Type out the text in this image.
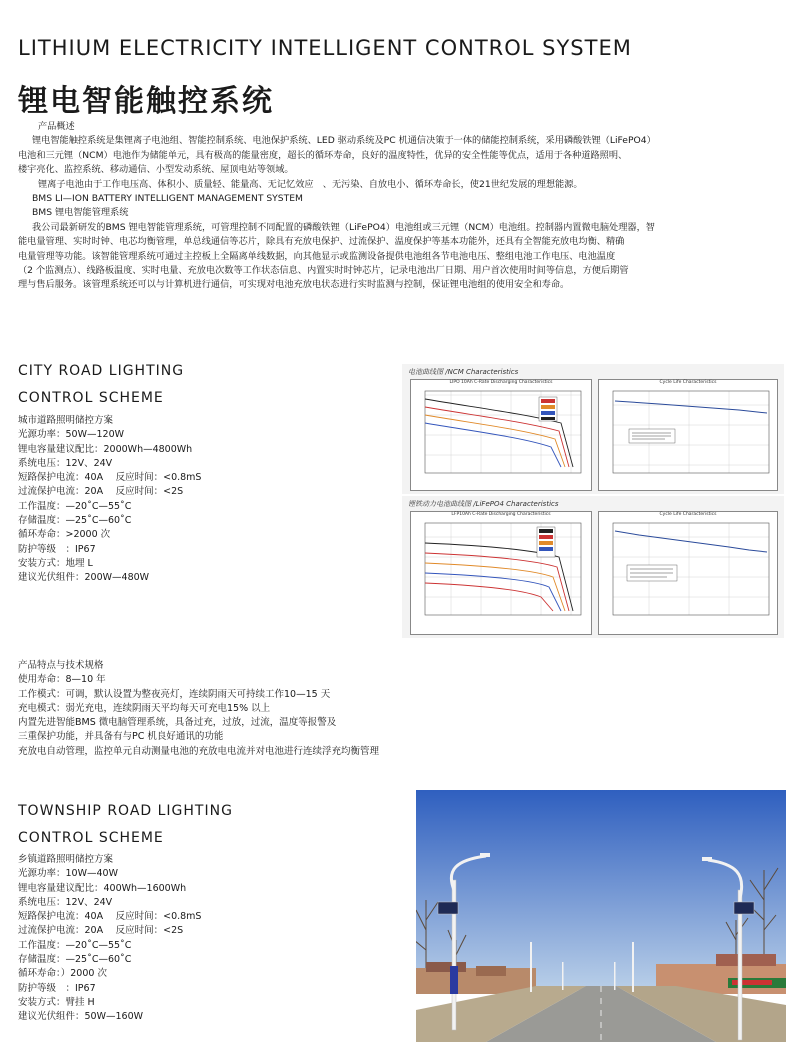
LITHIUM ELECTRICITY INTELLIGENT CONTROL SYSTEM
锂电智能触控系统

产品概述

锂电智能触控系统是集锂离子电池组、智能控制系统、电池保护系统、LED 驱动系统及PC 机通信决策于一体的储能控制系统，采用磷酸铁锂（LiFePO4）

电池和三元锂（NCM）电池作为储能单元，具有极高的能量密度，超长的循环寿命，良好的温度特性，优异的安全性能等优点，适用于各种道路照明、

楼宇亮化、监控系统、移动通信、小型发动系统、屋顶电站等领域。

锂离子电池由于工作电压高、体积小、质量轻、能量高、无记忆效应　、无污染、自放电小、循环寿命长，使21世纪发展的理想能源。

BMS LI—ION BATTERY INTELLIGENT MANAGEMENT SYSTEM

BMS 锂电智能管理系统

我公司最新研发的BMS 锂电智能管理系统，可管理控制不同配置的磷酸铁锂（LiFePO4）电池组或三元锂（NCM）电池组。控制器内置微电脑处理器，智

能电量管理、实时时钟、电芯均衡管理，单总线通信等芯片，除具有充放电保护、过流保护、温度保护等基本功能外，还具有全智能充放电均衡、精确

电量管理等功能。该智能管理系统可通过主控板上全隔离单线数据，向其他显示或监测设备提供电池组各节电池电压、整组电池工作电压、电池温度

（2 个监测点）、线路板温度、实时电量、充放电次数等工作状态信息、内置实时时钟芯片，记录电池出厂日期、用户首次使用时间等信息，方便后期管

理与售后服务。该管理系统还可以与计算机进行通信，可实现对电池充放电状态进行实时监测与控制，保证锂电池组的使用安全和寿命。

CITY ROAD LIGHTING
CONTROL SCHEME
城市道路照明储控方案
光源功率：50W—120W
锂电容量建议配比：2000Wh—4800Wh
系统电压：12V、24V
短路保护电流：40A　 反应时间：<0.8mS
过流保护电流：20A　 反应时间：<2S
工作温度：—20˚C—55˚C
存储温度：—25˚C—60˚C
循环寿命：>2000 次
防护等级　：IP67
安装方式：地埋 L
建议光伏组件：200W—480W
电池曲线图 /NCM Characteristics
LIPO 10Ah C-Rate Discharging Characteristics	Cycle Life Characteristics
锂铁动力电池曲线图 /LiFePO4 Characteristics
LFP10Ah C-Rate Discharging Characteristics	Cycle Life Characteristics
产品特点与技术规格
使用寿命：8—10 年
工作模式：可调，默认设置为整夜亮灯，连续阴雨天可持续工作10—15 天
充电模式：弱光充电，连续阴雨天平均每天可充电15% 以上
内置先进智能BMS 微电脑管理系统，具备过充，过放，过流，温度等报警及
三重保护功能，并具备有与PC 机良好通讯的功能
充放电自动管理，监控单元自动测量电池的充放电电流并对电池进行连续浮充均衡管理
TOWNSHIP ROAD LIGHTING
CONTROL SCHEME
乡镇道路照明储控方案
光源功率：10W—40W
锂电容量建议配比：400Wh—1600Wh
系统电压：12V、24V
短路保护电流：40A　 反应时间：<0.8mS
过流保护电流：20A　 反应时间：<2S
工作温度：—20˚C—55˚C
存储温度：—25˚C—60˚C
循环寿命：）2000 次
防护等级　：IP67
安装方式：臂挂 H
建议光伏组件：50W—160W
